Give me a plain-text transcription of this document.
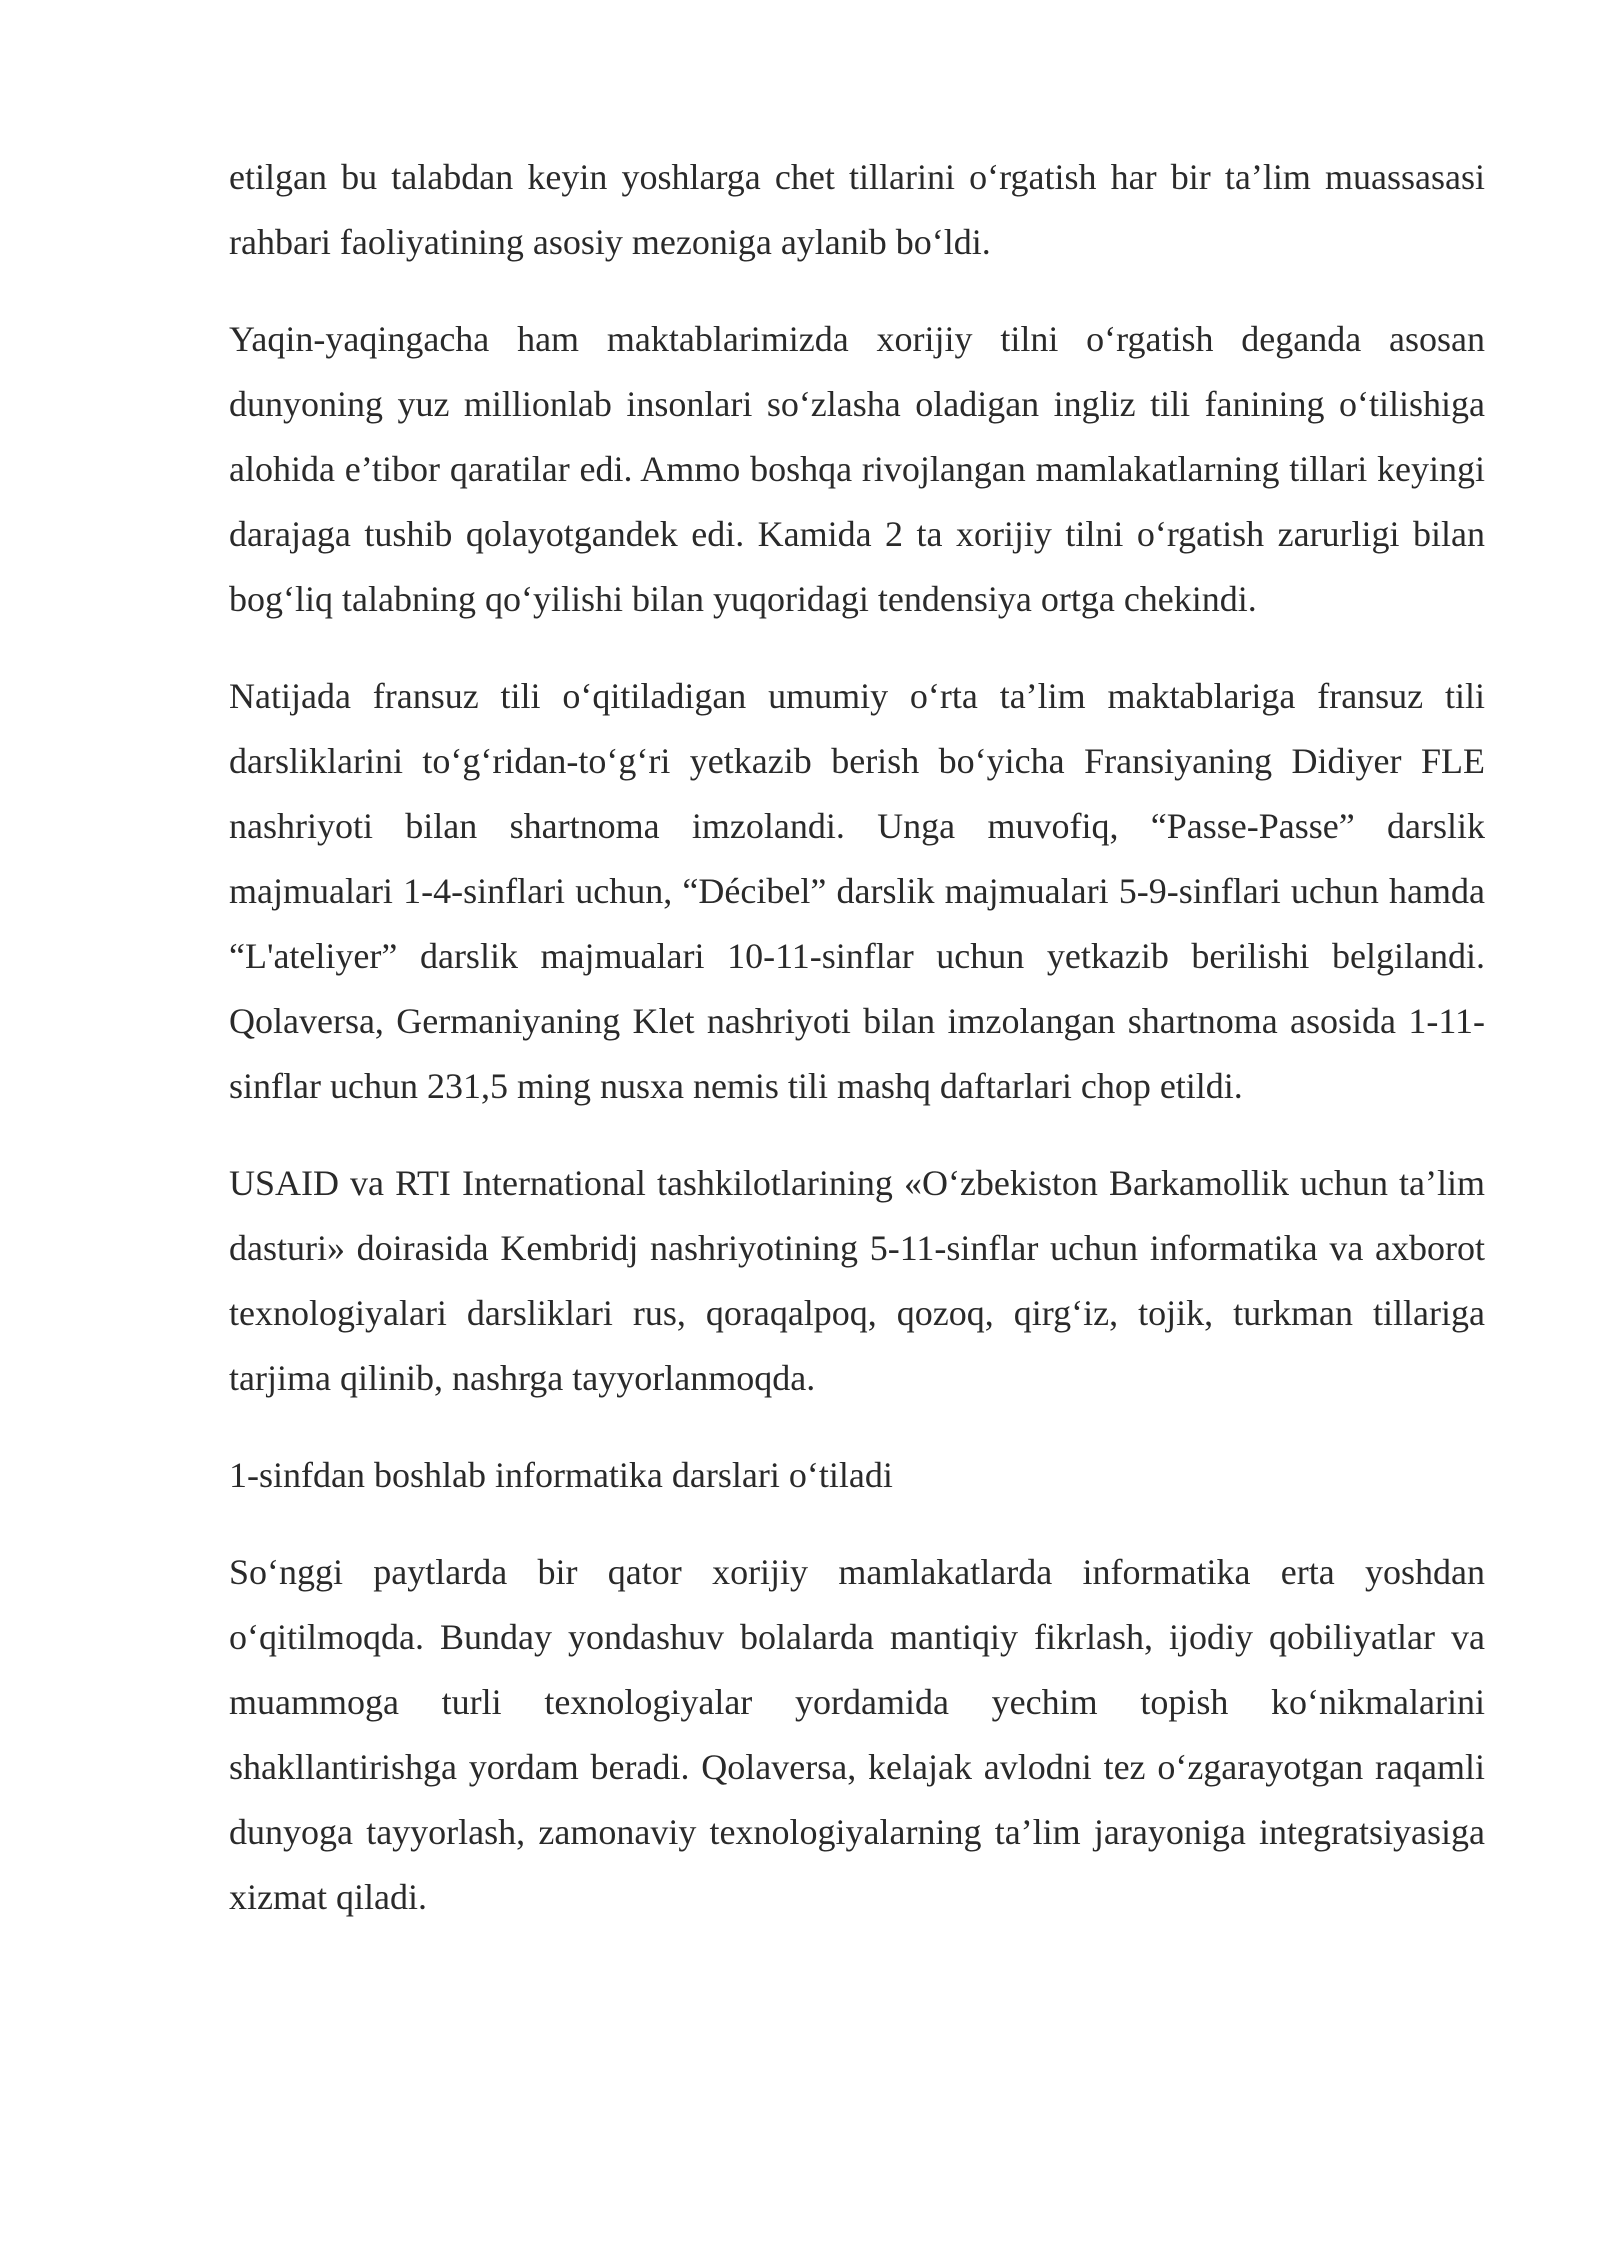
etilgan bu talabdan keyin yoshlarga chet tillarini o‘rgatish har bir ta’lim muassasasi rahbari faoliyatining asosiy mezoniga aylanib bo‘ldi.

Yaqin-yaqingacha ham maktablarimizda xorijiy tilni o‘rgatish deganda asosan dunyoning yuz millionlab insonlari so‘zlasha oladigan ingliz tili fanining o‘tilishiga alohida e’tibor qaratilar edi. Ammo boshqa rivojlangan mamlakatlarning tillari keyingi darajaga tushib qolayotgandek edi. Kamida 2 ta xorijiy tilni o‘rgatish zarurligi bilan bog‘liq talabning qo‘yilishi bilan yuqoridagi tendensiya ortga chekindi.

Natijada fransuz tili o‘qitiladigan umumiy o‘rta ta’lim maktablariga fransuz tili darsliklarini to‘g‘ridan-to‘g‘ri yetkazib berish bo‘yicha Fransiyaning Didiyer FLE nashriyoti bilan shartnoma imzolandi. Unga muvofiq, “Passe-Passe” darslik majmualari 1-4-sinflari uchun, “Décibel” darslik majmualari 5-9-sinflari uchun hamda “L'ateliyer” darslik majmualari 10-11-sinflar uchun yetkazib berilishi belgilandi. Qolaversa, Germaniyaning Klet nashriyoti bilan imzolangan shartnoma asosida 1-11-sinflar uchun 231,5 ming nusxa nemis tili mashq daftarlari chop etildi.

USAID va RTI International tashkilotlarining «O‘zbekiston Barkamollik uchun ta’lim dasturi» doirasida Kembridj nashriyotining 5-11-sinflar uchun informatika va axborot texnologiyalari darsliklari rus, qoraqalpoq, qozoq, qirg‘iz, tojik, turkman tillariga tarjima qilinib, nashrga tayyorlanmoqda.

1-sinfdan boshlab informatika darslari o‘tiladi

So‘nggi paytlarda bir qator xorijiy mamlakatlarda informatika erta yoshdan o‘qitilmoqda. Bunday yondashuv bolalarda mantiqiy fikrlash, ijodiy qobiliyatlar va muammoga turli texnologiyalar yordamida yechim topish ko‘nikmalarini shakllantirishga yordam beradi. Qolaversa, kelajak avlodni tez o‘zgarayotgan raqamli dunyoga tayyorlash, zamonaviy texnologiyalarning ta’lim jarayoniga integratsiyasiga xizmat qiladi.
